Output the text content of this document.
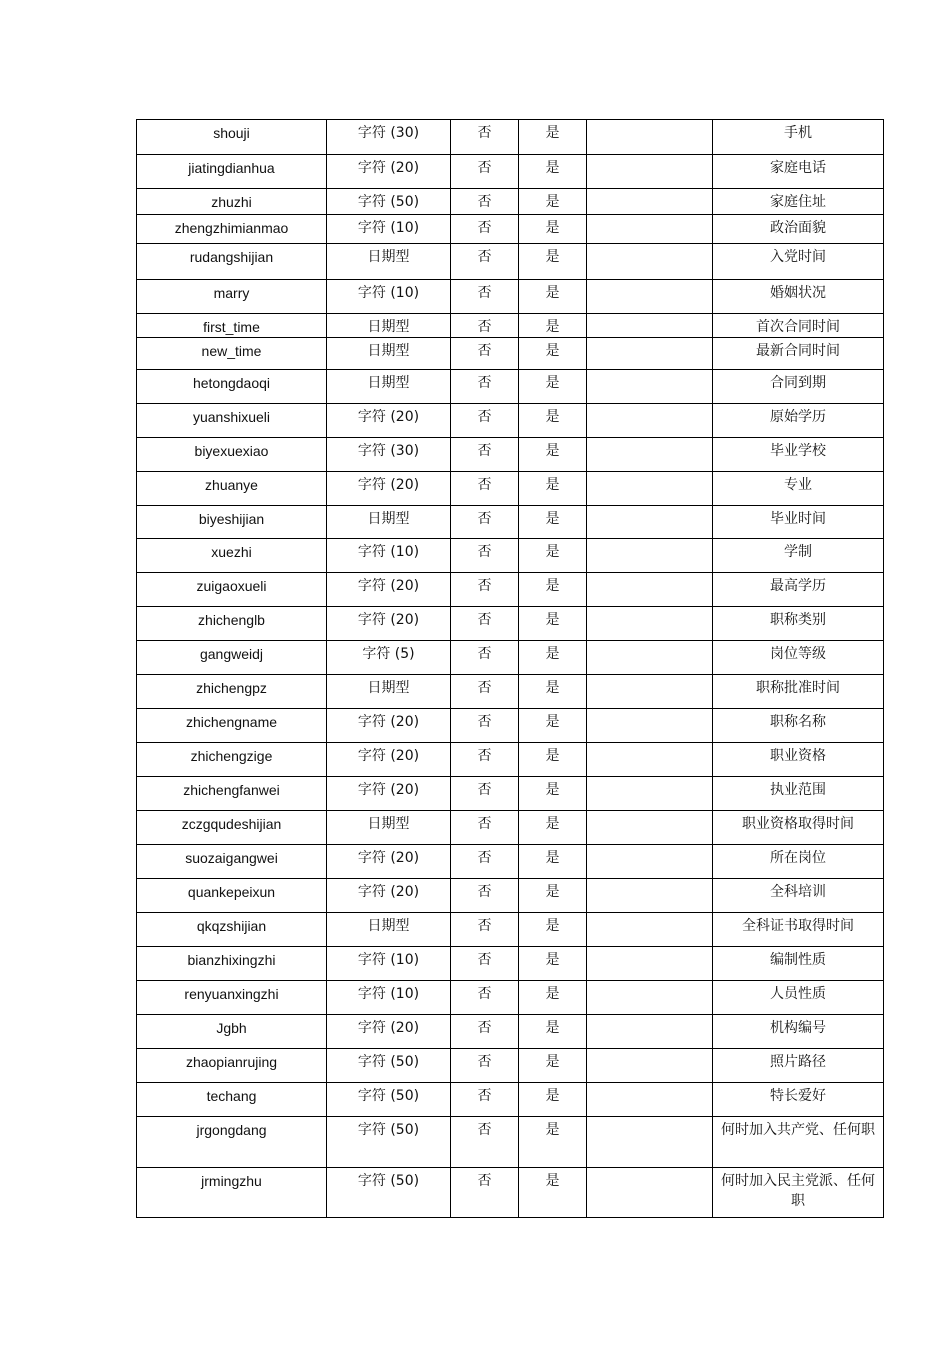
shouji	字符 (30)	否	是		手机
jiatingdianhua	字符 (20)	否	是		家庭电话
zhuzhi	字符 (50)	否	是		家庭住址
zhengzhimianmao	字符 (10)	否	是		政治面貌
rudangshijian	日期型	否	是		入党时间
marry	字符 (10)	否	是		婚姻状况
first_time	日期型	否	是		首次合同时间
new_time	日期型	否	是		最新合同时间
hetongdaoqi	日期型	否	是		合同到期
yuanshixueli	字符 (20)	否	是		原始学历
biyexuexiao	字符 (30)	否	是		毕业学校
zhuanye	字符 (20)	否	是		专业
biyeshijian	日期型	否	是		毕业时间
xuezhi	字符 (10)	否	是		学制
zuigaoxueli	字符 (20)	否	是		最高学历
zhichenglb	字符 (20)	否	是		职称类别
gangweidj	字符 (5)	否	是		岗位等级
zhichengpz	日期型	否	是		职称批准时间
zhichengname	字符 (20)	否	是		职称名称
zhichengzige	字符 (20)	否	是		职业资格
zhichengfanwei	字符 (20)	否	是		执业范围
zczgqudeshijian	日期型	否	是		职业资格取得时间
suozaigangwei	字符 (20)	否	是		所在岗位
quankepeixun	字符 (20)	否	是		全科培训
qkqzshijian	日期型	否	是		全科证书取得时间
bianzhixingzhi	字符 (10)	否	是		编制性质
renyuanxingzhi	字符 (10)	否	是		人员性质
Jgbh	字符 (20)	否	是		机构编号
zhaopianrujing	字符 (50)	否	是		照片路径
techang	字符 (50)	否	是		特长爱好
jrgongdang	字符 (50)	否	是		何时加入共产党、任何职
jrmingzhu	字符 (50)	否	是		何时加入民主党派、任何职
